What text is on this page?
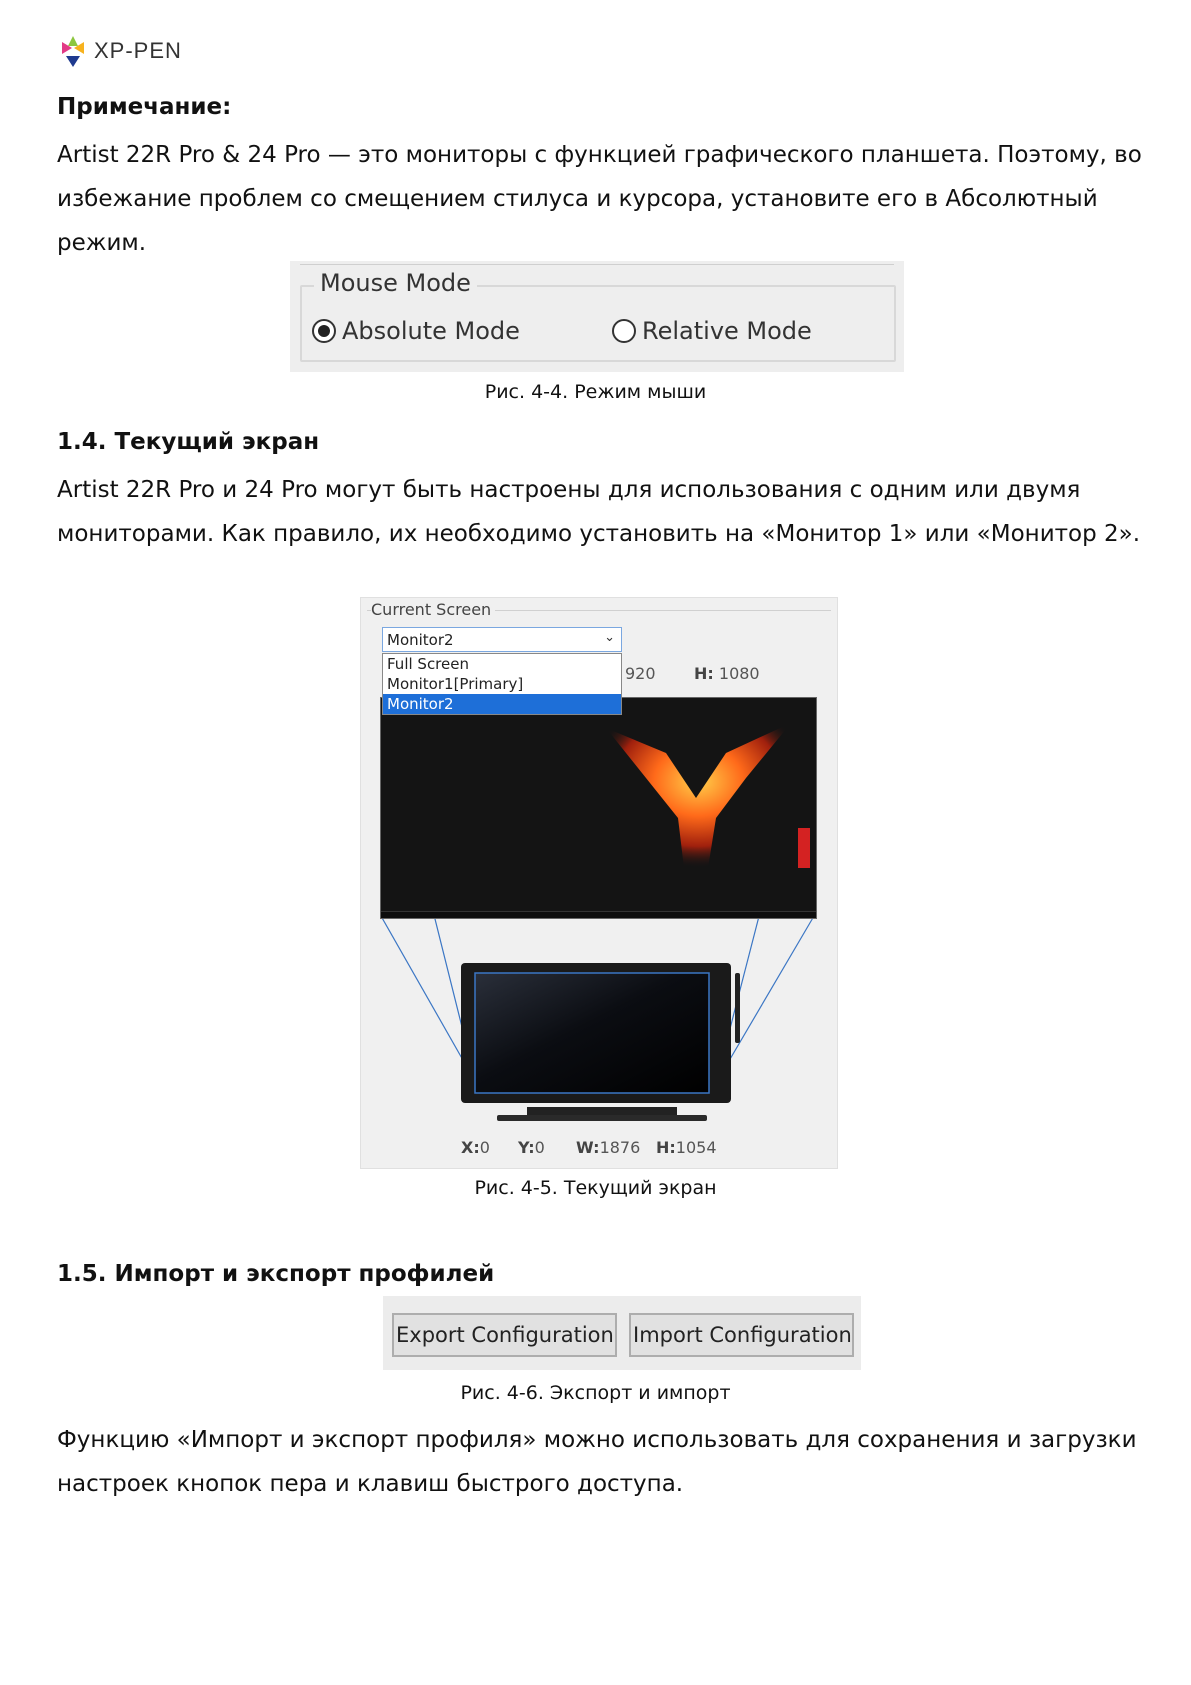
XP-PEN
Примечание:
Artist 22R Pro & 24 Pro — это мониторы с функцией графического планшета. Поэтому, во
избежание проблем со смещением стилуса и курсора, установите его в Абсолютный
режим.
Mouse Mode
Absolute Mode	Relative Mode
Рис. 4-4. Режим мыши
1.4. Текущий экран
Artist 22R Pro и 24 Pro могут быть настроены для использования с одним или двумя
мониторами. Как правило, их необходимо установить на «Монитор 1» или «Монитор 2».
Current Screen
Monitor2	⌄
Full Screen
Monitor1[Primary]
Monitor2
920 H: 1080
X:0 Y:0 W:1876 H:1054
Рис. 4-5. Текущий экран
1.5. Импорт и экспорт профилей
Export Configuration Import Configuration
Рис. 4-6. Экспорт и импорт
Функцию «Импорт и экспорт профиля» можно использовать для сохранения и загрузки
настроек кнопок пера и клавиш быстрого доступа.
